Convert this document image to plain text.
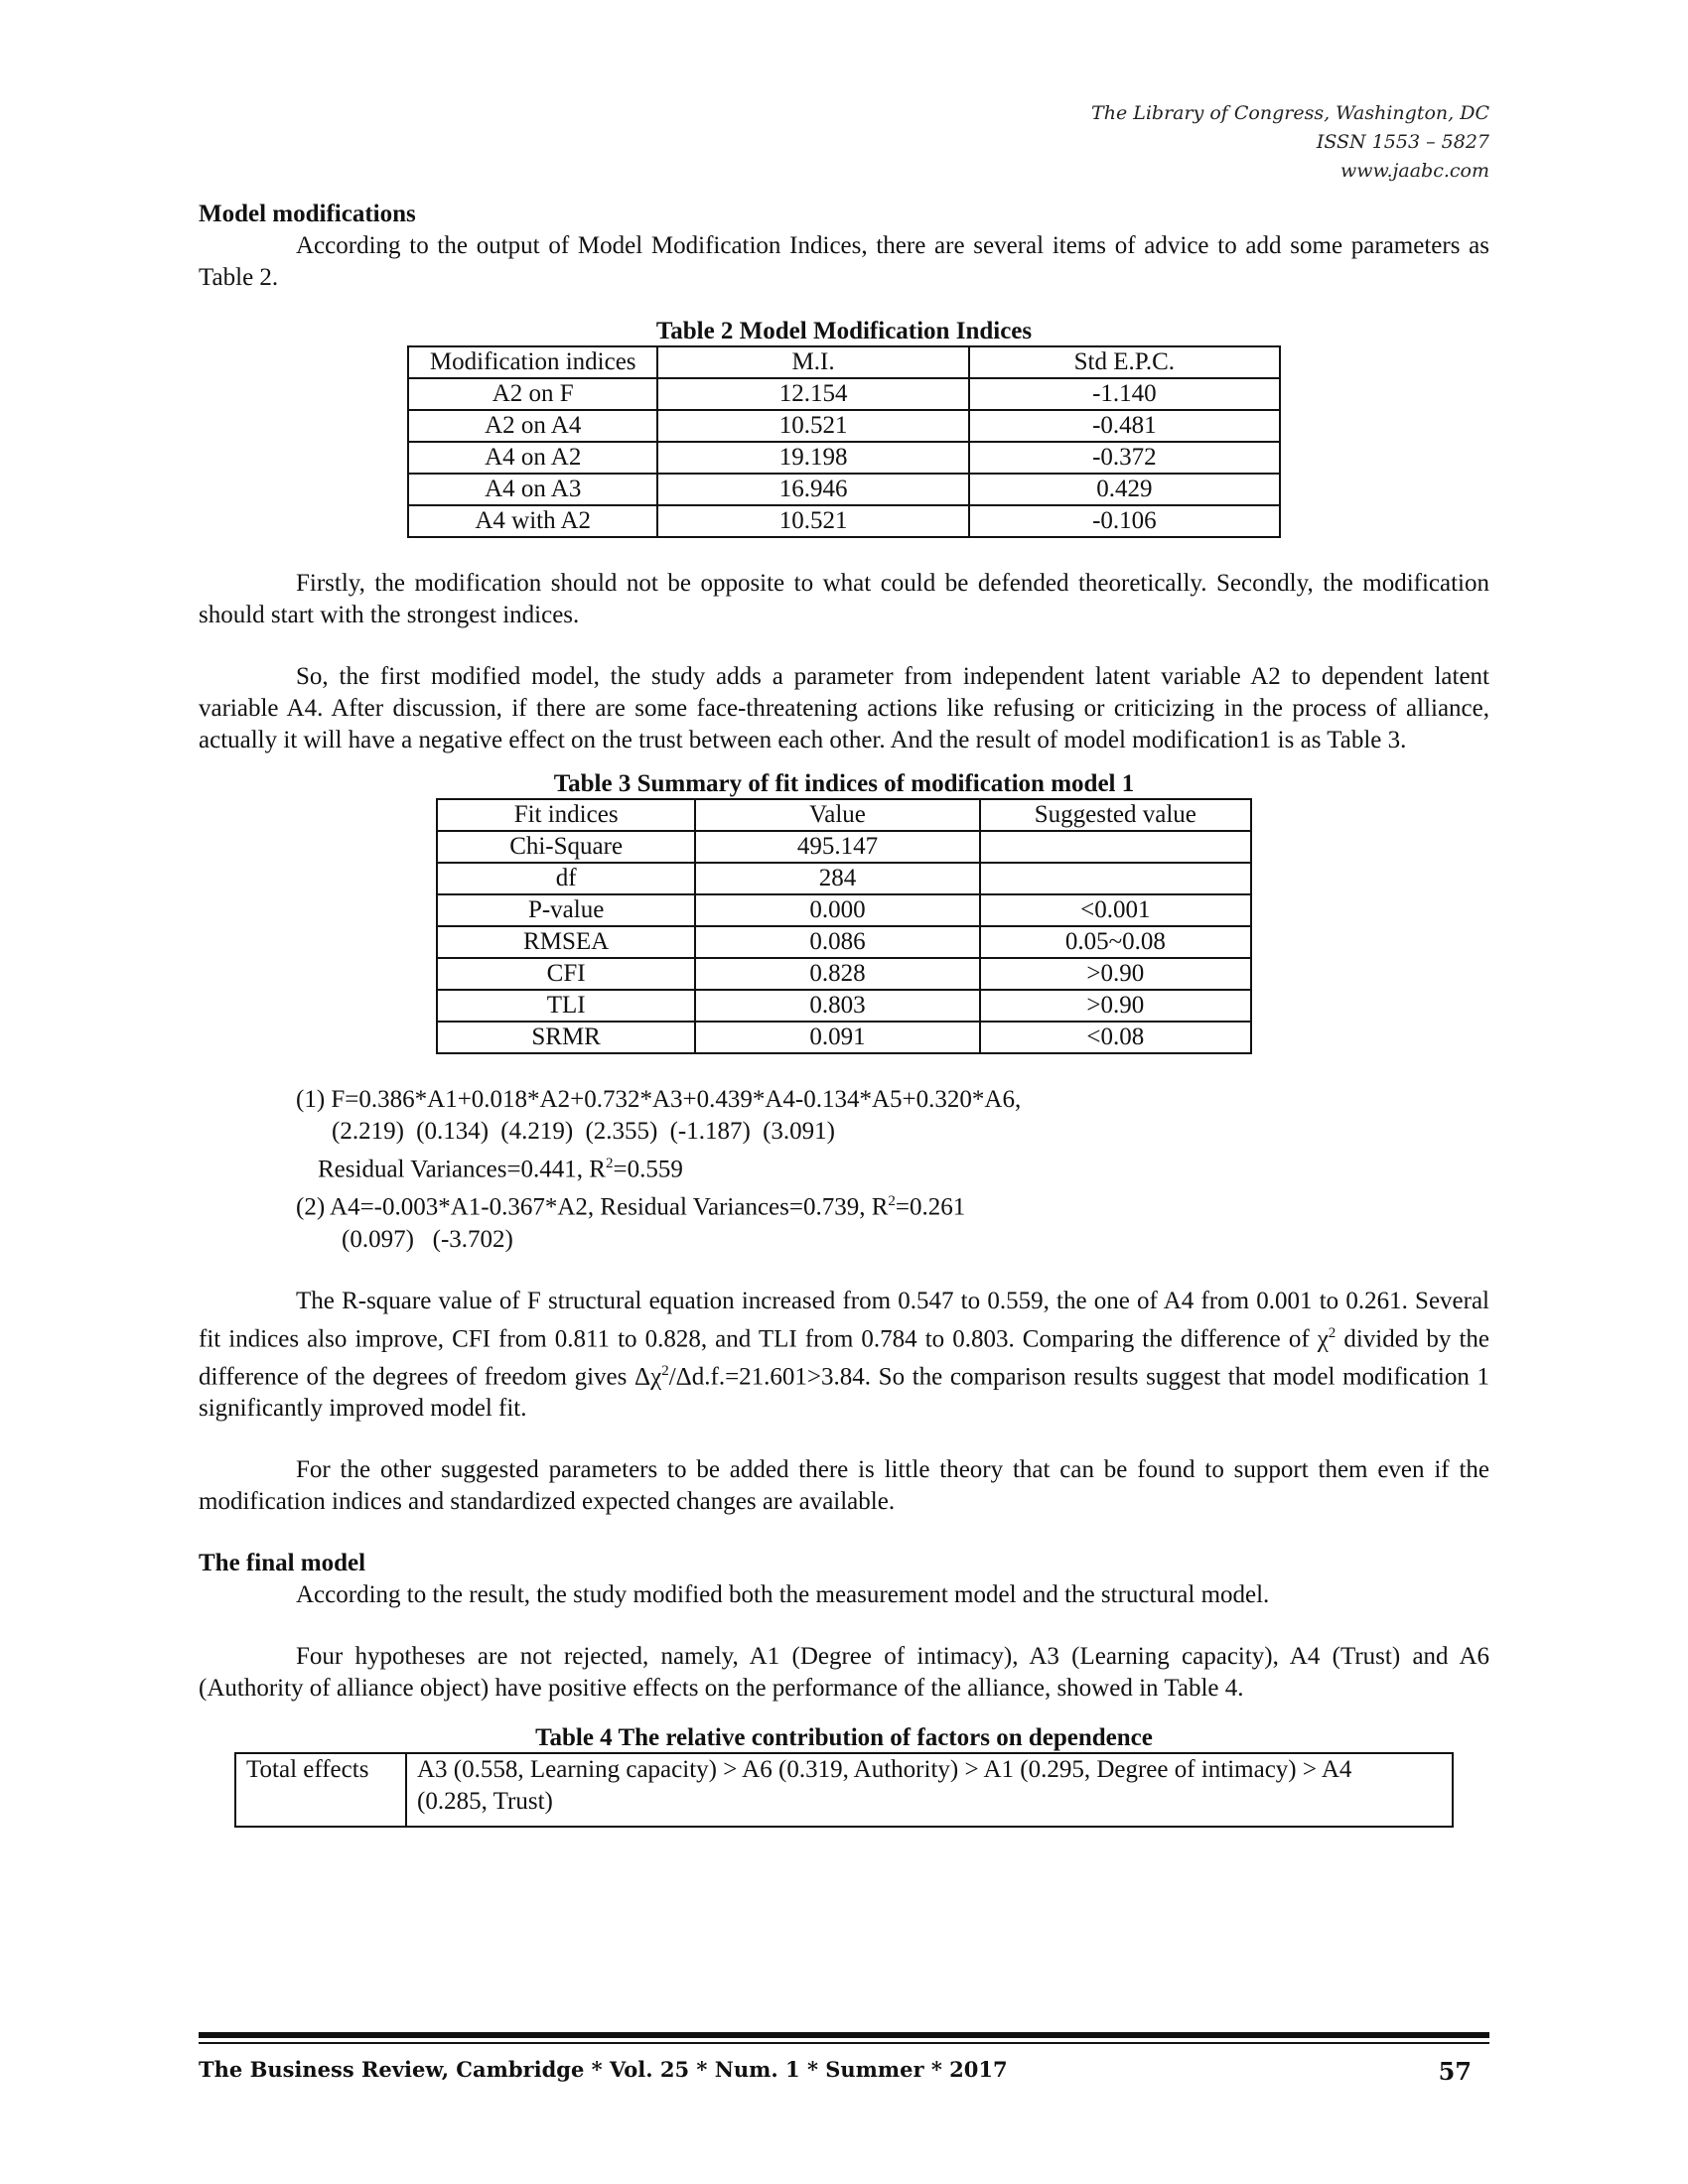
The Library of Congress, Washington, DC
ISSN 1553 – 5827
www.jaabc.com
Model modifications

According to the output of Model Modification Indices, there are several items of advice to add some parameters as Table 2.

Table 2 Model Modification Indices
Modification indices	M.I.	Std E.P.C.
A2 on F	12.154	-1.140
A2 on A4	10.521	-0.481
A4 on A2	19.198	-0.372
A4 on A3	16.946	0.429
A4 with A2	10.521	-0.106

Firstly, the modification should not be opposite to what could be defended theoretically. Secondly, the modification should start with the strongest indices.

So, the first modified model, the study adds a parameter from independent latent variable A2 to dependent latent variable A4. After discussion, if there are some face-threatening actions like refusing or criticizing in the process of alliance, actually it will have a negative effect on the trust between each other. And the result of model modification1 is as Table 3.

Table 3 Summary of fit indices of modification model 1
Fit indices	Value	Suggested value
Chi-Square	495.147	
df	284	
P-value	0.000	<0.001
RMSEA	0.086	0.05~0.08
CFI	0.828	>0.90
TLI	0.803	>0.90
SRMR	0.091	<0.08
(1) F=0.386*A1+0.018*A2+0.732*A3+0.439*A4-0.134*A5+0.320*A6,
(2.219) (0.134) (4.219) (2.355) (-1.187) (3.091)
Residual Variances=0.441, $R^2=0.559$
(2) A4=-0.003*A1-0.367*A2, Residual Variances=0.739, $R^2=0.261$
(0.097)   (-3.702)

The R-square value of F structural equation increased from 0.547 to 0.559, the one of A4 from 0.001 to 0.261. Several fit indices also improve, CFI from 0.811 to 0.828, and TLI from 0.784 to 0.803. Comparing the difference of $\chi^2$ divided by the difference of the degrees of freedom gives $\Delta\chi^2/\Delta d.f.=21.601>3.84$. So the comparison results suggest that model modification 1 significantly improved model fit.

For the other suggested parameters to be added there is little theory that can be found to support them even if the modification indices and standardized expected changes are available.

The final model

According to the result, the study modified both the measurement model and the structural model.

Four hypotheses are not rejected, namely, A1 (Degree of intimacy), A3 (Learning capacity), A4 (Trust) and A6 (Authority of alliance object) have positive effects on the performance of the alliance, showed in Table 4.

Table 4 The relative contribution of factors on dependence
Total effects	A3 (0.558, Learning capacity) > A6 (0.319, Authority) > A1 (0.295, Degree of intimacy) > A4 (0.285, Trust)
The Business Review, Cambridge * Vol. 25 * Num. 1 * Summer * 2017	57
